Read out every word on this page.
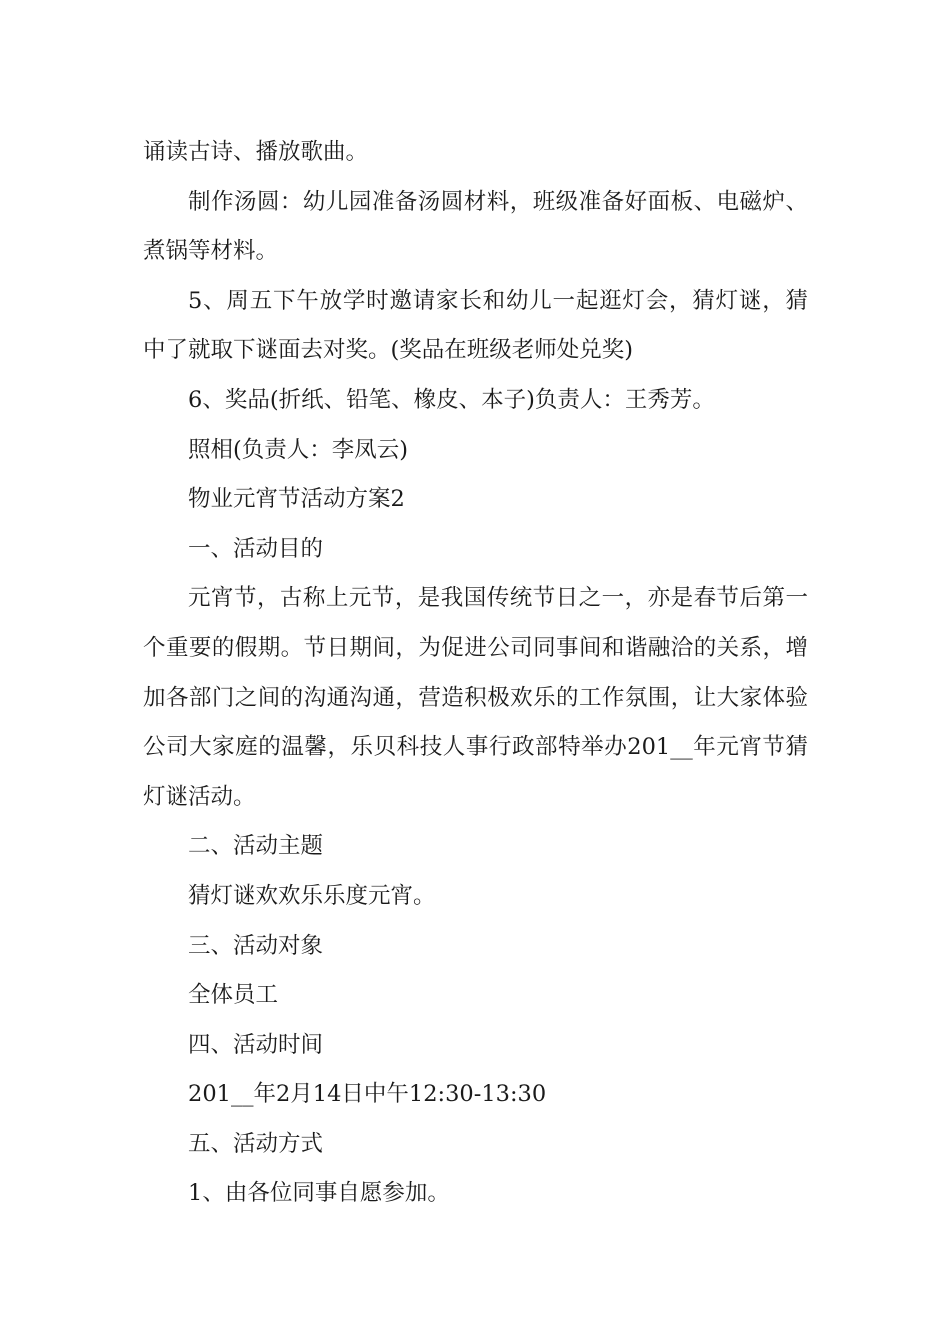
诵读古诗、播放歌曲。

制作汤圆：幼儿园准备汤圆材料，班级准备好面板、电磁炉、煮锅等材料。

5、周五下午放学时邀请家长和幼儿一起逛灯会，猜灯谜，猜中了就取下谜面去对奖。(奖品在班级老师处兑奖)

6、奖品(折纸、铅笔、橡皮、本子)负责人：王秀芳。

照相(负责人：李凤云)

物业元宵节活动方案2

一、活动目的

元宵节，古称上元节，是我国传统节日之一，亦是春节后第一个重要的假期。节日期间，为促进公司同事间和谐融洽的关系，增加各部门之间的沟通沟通，营造积极欢乐的工作氛围，让大家体验公司大家庭的温馨，乐贝科技人事行政部特举办201__年元宵节猜灯谜活动。

二、活动主题

猜灯谜欢欢乐乐度元宵。

三、活动对象

全体员工

四、活动时间

201__年2月14日中午12:30-13:30

五、活动方式

1、由各位同事自愿参加。
